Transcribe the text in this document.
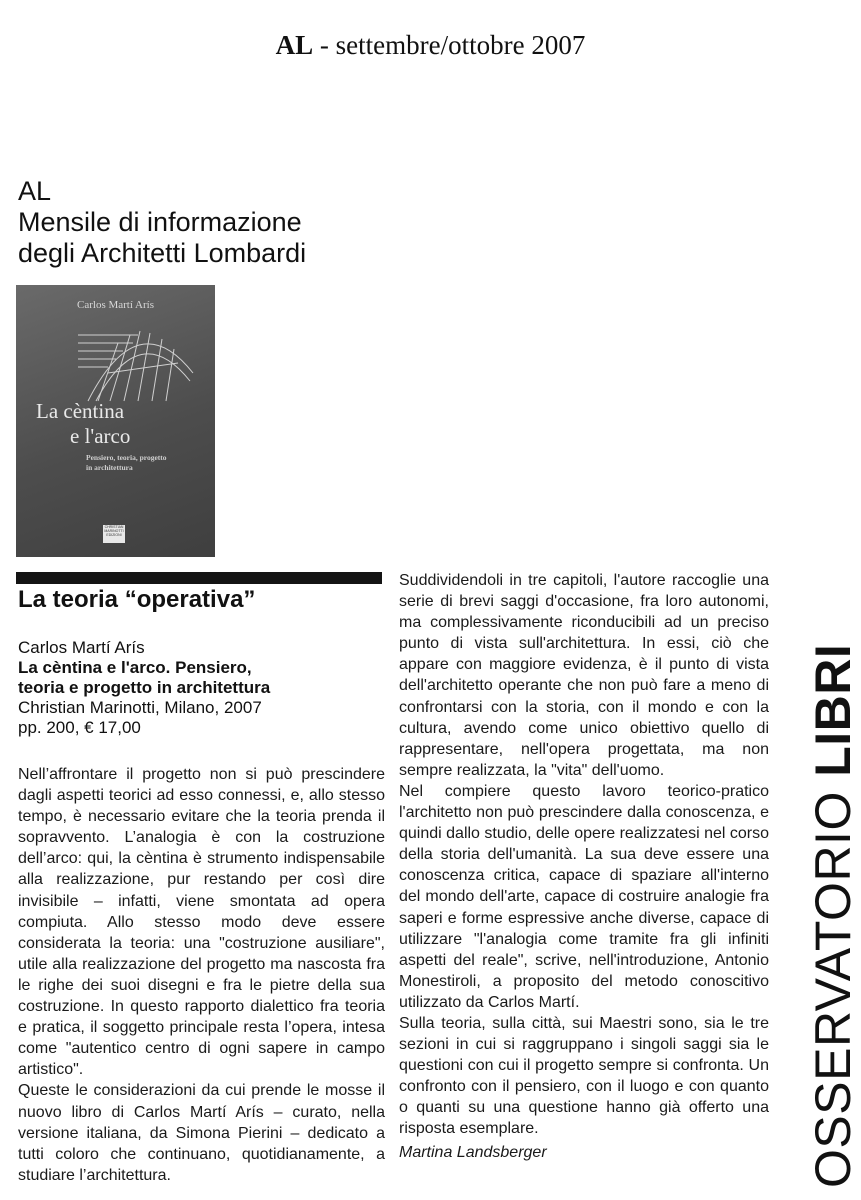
AL - settembre/ottobre 2007
AL
Mensile di informazione
degli Architetti Lombardi
Carlos Martí Arís
La cèntina
e l'arco
Pensiero, teoria, progetto
in architettura
CHRISTIAN
MARINOTTI
EDIZIONI
La teoria “operativa”
Carlos Martí Arís
La cèntina e l'arco. Pensiero,
teoria e progetto in architettura
Christian Marinotti, Milano, 2007
pp. 200, € 17,00

Nell’affrontare il progetto non si può prescindere dagli aspetti teorici ad esso connessi, e, allo stesso tempo, è necessario evitare che la teoria prenda il sopravvento. L’analogia è con la costruzione dell’arco: qui, la cèntina è strumento indispensabile alla realizzazione, pur restando per così dire invisibile – infatti, viene smontata ad opera compiuta. Allo stesso modo deve essere considerata la teoria: una "costruzione ausiliare", utile alla realizzazione del progetto ma nascosta fra le righe dei suoi disegni e fra le pietre della sua costruzione. In questo rapporto dialettico fra teoria e pratica, il soggetto principale resta l’opera, intesa come "autentico centro di ogni sapere in campo artistico".

Queste le considerazioni da cui prende le mosse il nuovo libro di Carlos Martí Arís – curato, nella versione italiana, da Simona Pierini – dedicato a tutti coloro che continuano, quotidianamente, a studiare l’architettura.

Suddividendoli in tre capitoli, l'autore raccoglie una serie di brevi saggi d'occasione, fra loro autonomi, ma complessivamente riconducibili ad un preciso punto di vista sull'architettura. In essi, ciò che appare con maggiore evidenza, è il punto di vista dell'architetto operante che non può fare a meno di confrontarsi con la storia, con il mondo e con la cultura, avendo come unico obiettivo quello di rappresentare, nell'opera progettata, ma non sempre realizzata, la "vita" dell'uomo.

Nel compiere questo lavoro teorico-pratico l'architetto non può prescindere dalla conoscenza, e quindi dallo studio, delle opere realizzatesi nel corso della storia dell'umanità. La sua deve essere una conoscenza critica, capace di spaziare all'interno del mondo dell'arte, capace di costruire analogie fra saperi e forme espressive anche diverse, capace di utilizzare "l'analogia come tramite fra gli infiniti aspetti del reale", scrive, nell'introduzione, Antonio Monestiroli, a proposito del metodo conoscitivo utilizzato da Carlos Martí.

Sulla teoria, sulla città, sui Maestri sono, sia le tre sezioni in cui si raggruppano i singoli saggi sia le questioni con cui il progetto sempre si confronta. Un confronto con il pensiero, con il luogo e con quanto o quanti su una questione hanno già offerto una risposta esemplare.

Martina Landsberger	OSSERVATORIO LIBRI
